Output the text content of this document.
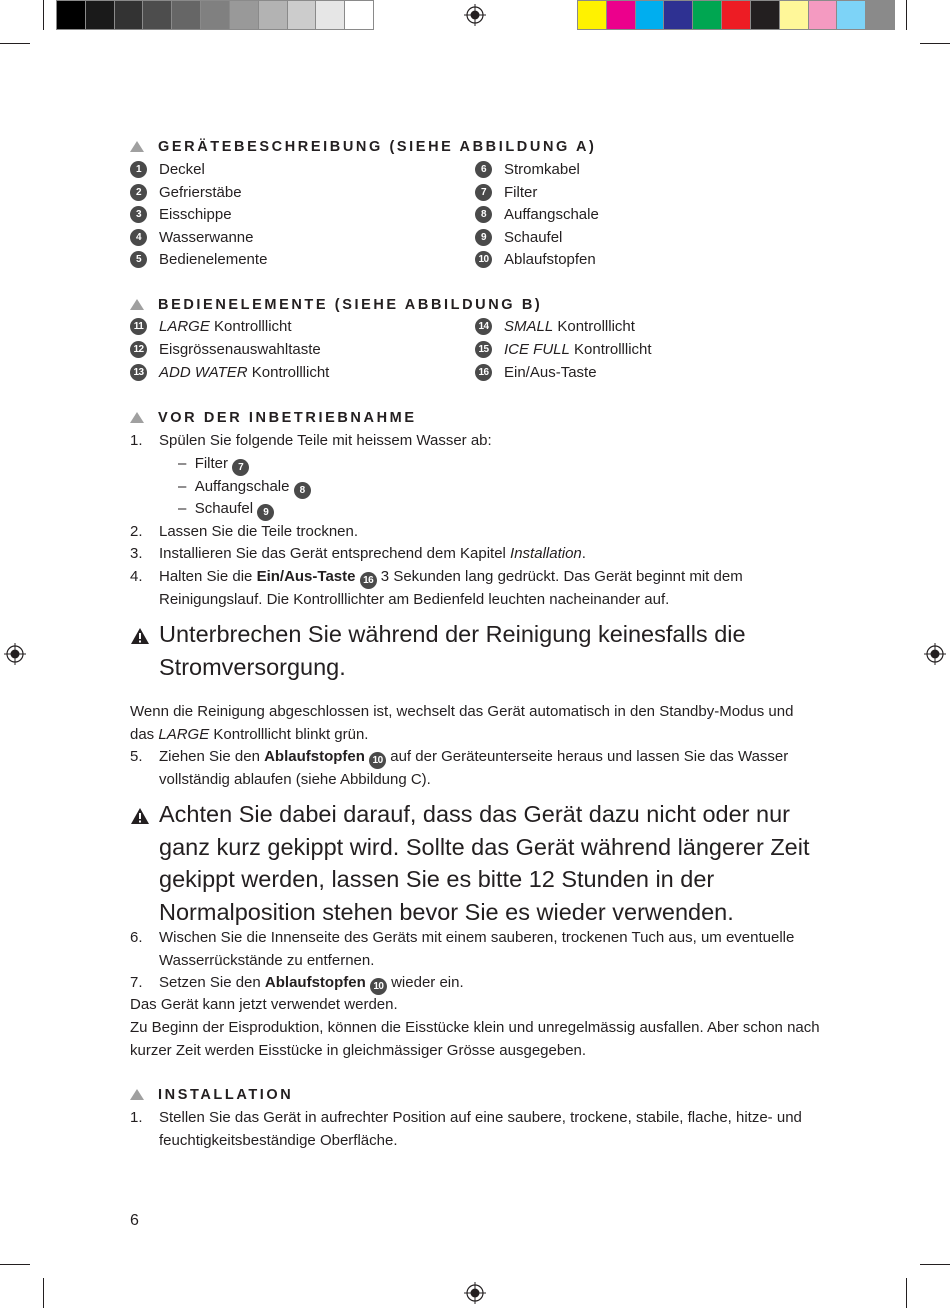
GERÄTEBESCHREIBUNG (SIEHE ABBILDUNG A)
1	Deckel
2	Gefrierstäbe
3	Eisschippe
4	Wasserwanne
5	Bedienelemente
6	Stromkabel
7	Filter
8	Auffangschale
9	Schaufel
10 Ablaufstopfen
BEDIENELEMENTE (SIEHE ABBILDUNG B)
11 LARGE Kontrolllicht
12 Eisgrössenauswahltaste
13 ADD WATER Kontrolllicht
14 SMALL Kontrolllicht
15 ICE FULL Kontrolllicht
16 Ein/Aus-Taste
VOR DER INBETRIEBNAHME
1. Spülen Sie folgende Teile mit heissem Wasser ab:
– Filter 7
– Auffangschale 8
– Schaufel 9
2. Lassen Sie die Teile trocknen.
3. Installieren Sie das Gerät entsprechend dem Kapitel Installation.
4. Halten Sie die Ein/Aus-Taste 16 3 Sekunden lang gedrückt. Das Gerät beginnt mit dem Reinigungslauf. Die Kontrolllichter am Bedienfeld leuchten nacheinander auf.
Unterbrechen Sie während der Reinigung keinesfalls die Stromversorgung.
Wenn die Reinigung abgeschlossen ist, wechselt das Gerät automatisch in den Standby-Modus und das LARGE Kontrolllicht blinkt grün.
5. Ziehen Sie den Ablaufstopfen 10 auf der Geräteunterseite heraus und lassen Sie das Wasser vollständig ablaufen (siehe Abbildung C).
Achten Sie dabei darauf, dass das Gerät dazu nicht oder nur ganz kurz gekippt wird. Sollte das Gerät während längerer Zeit gekippt werden, lassen Sie es bitte 12 Stunden in der Normalposition stehen bevor Sie es wieder verwenden.
6. Wischen Sie die Innenseite des Geräts mit einem sauberen, trockenen Tuch aus, um eventuelle Wasserrückstände zu entfernen.
7. Setzen Sie den Ablaufstopfen 10 wieder ein.
Das Gerät kann jetzt verwendet werden.
Zu Beginn der Eisproduktion, können die Eisstücke klein und unregelmässig ausfallen. Aber schon nach kurzer Zeit werden Eisstücke in gleichmässiger Grösse ausgegeben.
INSTALLATION
1. Stellen Sie das Gerät in aufrechter Position auf eine saubere, trockene, stabile, flache, hitze- und feuchtigkeitsbeständige Oberfläche.
6
